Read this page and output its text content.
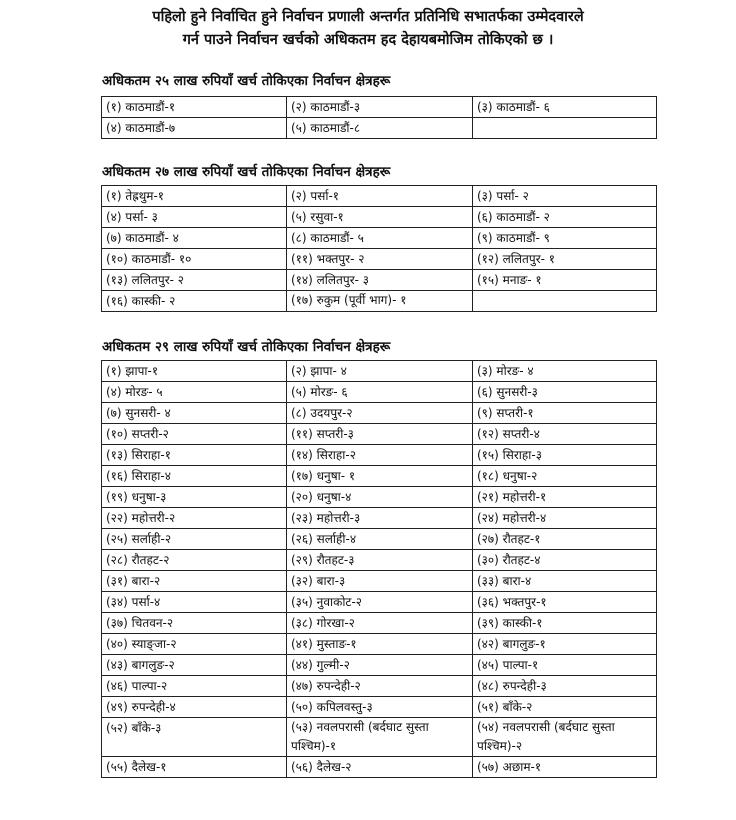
पहिलो हुने निर्वाचित हुने निर्वाचन प्रणाली अन्तर्गत प्रतिनिधि सभातर्फका उम्मेदवारले
गर्न पाउने निर्वाचन खर्चको अधिकतम हद देहायबमोजिम तोकिएको छ ।
अधिकतम २५ लाख रुपियाँ खर्च तोकिएका निर्वाचन क्षेत्रहरू
(१) काठमाडौं-१	(२) काठमाडौं-३	(३) काठमाडौं- ६
(४) काठमाडौं-७	(५) काठमाडौं-८	
अधिकतम २७ लाख रुपियाँ खर्च तोकिएका निर्वाचन क्षेत्रहरू
(१) तेह्रथुम-१	(२) पर्सा-१	(३) पर्सा- २
(४) पर्सा- ३	(५) रसुवा-१	(६) काठमाडौं- २
(७) काठमाडौं- ४	(८) काठमाडौं- ५	(९) काठमाडौं- ९
(१०) काठमाडौं- १०	(११) भक्तपुर- २	(१२) ललितपुर- १
(१३) ललितपुर- २	(१४) ललितपुर- ३	(१५) मनाङ- १
(१६) कास्की- २	(१७) रुकुम (पूर्वी भाग)- १	
अधिकतम २९ लाख रुपियाँ खर्च तोकिएका निर्वाचन क्षेत्रहरू
(१) झापा-१	(२) झापा- ४	(३) मोरङ- ४
(४) मोरङ- ५	(५) मोरङ- ६	(६) सुनसरी-३
(७) सुनसरी- ४	(८) उदयपुर-२	(९) सप्तरी-१
(१०) सप्तरी-२	(११) सप्तरी-३	(१२) सप्तरी-४
(१३) सिराहा-१	(१४) सिराहा-२	(१५) सिराहा-३
(१६) सिराहा-४	(१७) धनुषा- १	(१८) धनुषा-२
(१९) धनुषा-३	(२०) धनुषा-४	(२१) महोत्तरी-१
(२२) महोत्तरी-२	(२३) महोत्तरी-३	(२४) महोत्तरी-४
(२५) सर्लाही-२	(२६) सर्लाही-४	(२७) रौतहट-१
(२८) रौतहट-२	(२९) रौतहट-३	(३०) रौतहट-४
(३१) बारा-२	(३२) बारा-३	(३३) बारा-४
(३४) पर्सा-४	(३५) नुवाकोट-२	(३६) भक्तपुर-१
(३७) चितवन-२	(३८) गोरखा-२	(३९) कास्की-१
(४०) स्याङ्जा-२	(४१) मुस्ताङ-१	(४२) बागलुङ-१
(४३) बागलुङ-२	(४४) गुल्मी-२	(४५) पाल्पा-१
(४६) पाल्पा-२	(४७) रुपन्देही-२	(४८) रुपन्देही-३
(४९) रुपन्देही-४	(५०) कपिलवस्तु-३	(५१) बाँके-२
(५२) बाँके-३	(५३) नवलपरासी (बर्दघाट सुस्ता पश्चिम)-१	(५४) नवलपरासी (बर्दघाट सुस्ता पश्चिम)-२
(५५) दैलेख-१	(५६) दैलेख-२	(५७) अछाम-१
